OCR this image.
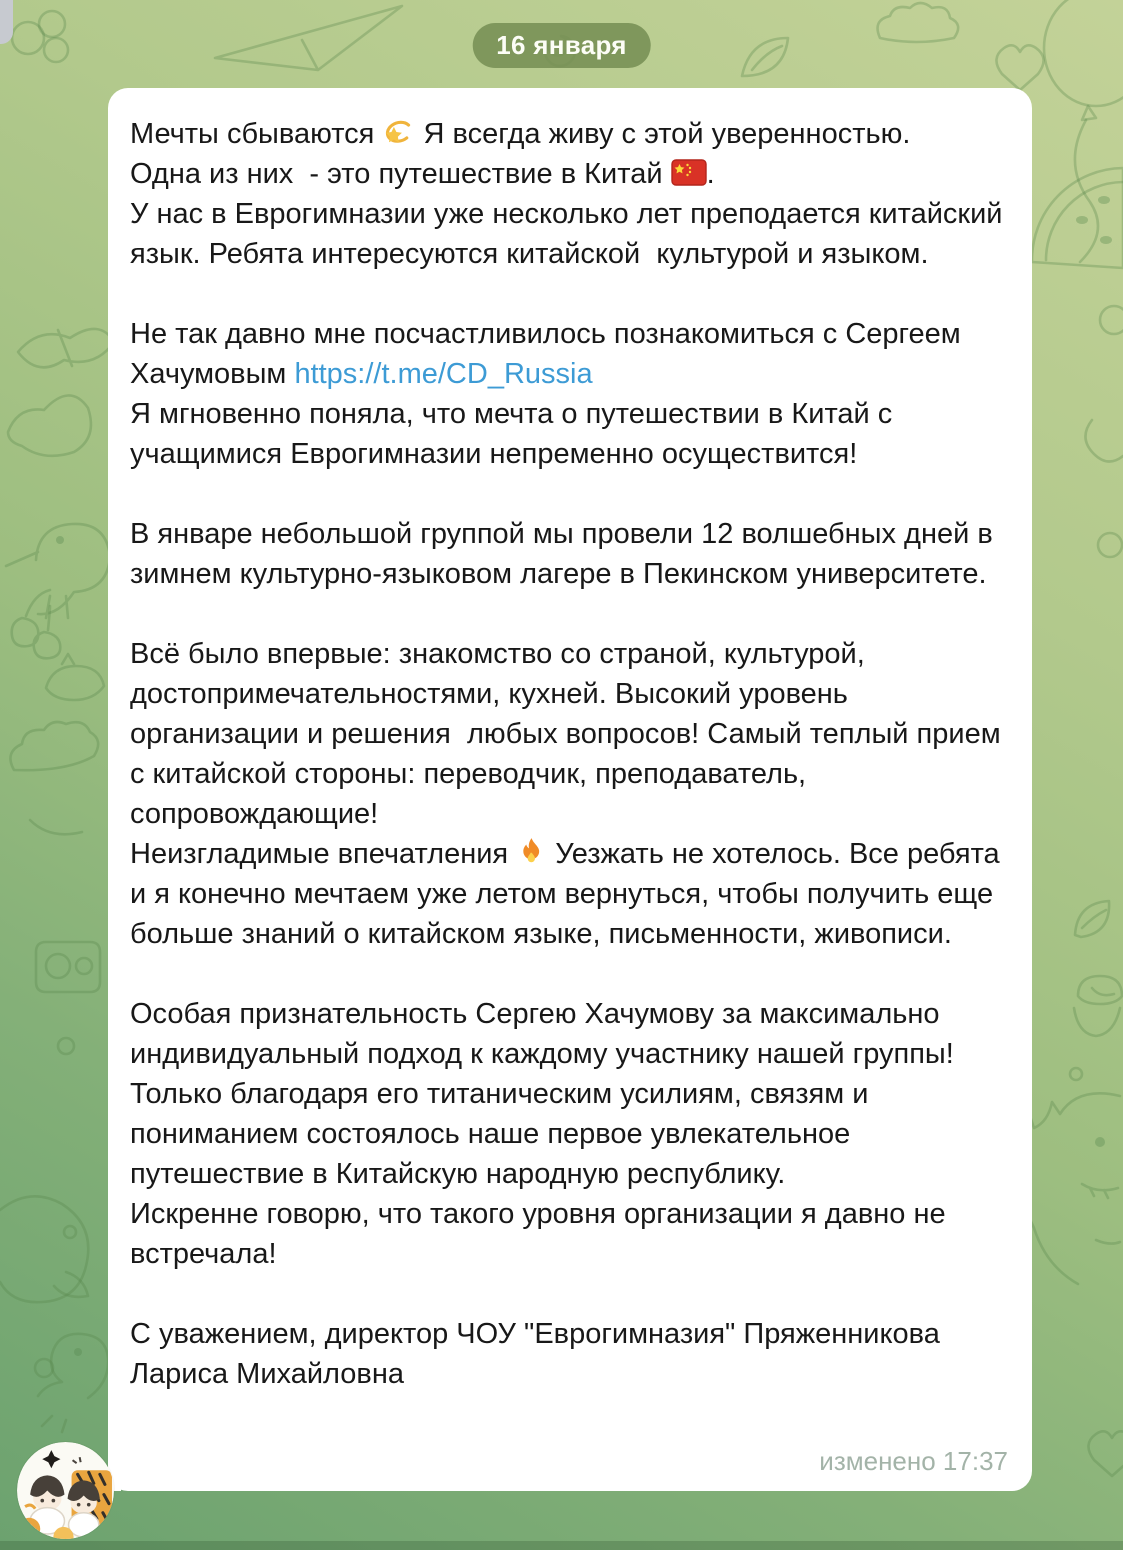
16 января
Мечты сбываются  Я всегда живу с этой уверенностью.
Одна из них  - это путешествие в Китай .
У нас в Еврогимназии уже несколько лет преподается китайский язык. Ребята интересуются китайской  культурой и языком.
Не так давно мне посчастливилось познакомиться с Сергеем Хачумовым https://t.me/CD_Russia
Я мгновенно поняла, что мечта о путешествии в Китай с учащимися Еврогимназии непременно осуществится!
В январе небольшой группой мы провели 12 волшебных дней в зимнем культурно-языковом лагере в Пекинском университете.
Всё было впервые: знакомство со страной, культурой, достопримечательностями, кухней. Высокий уровень организации и решения  любых вопросов! Самый теплый прием с китайской стороны: переводчик, преподаватель, сопровождающие!
Неизгладимые впечатления  Уезжать не хотелось. Все ребята и я конечно мечтаем уже летом вернуться, чтобы получить еще больше знаний о китайском языке, письменности, живописи.
Особая признательность Сергею Хачумову за максимально индивидуальный подход к каждому участнику нашей группы! Только благодаря его титаническим усилиям, связям и пониманием состоялось наше первое увлекательное путешествие в Китайскую народную республику.
Искренне говорю, что такого уровня организации я давно не встречала!
С уважением, директор ЧОУ "Еврогимназия" Пряженникова Лариса Михайловна
изменено 17:37
